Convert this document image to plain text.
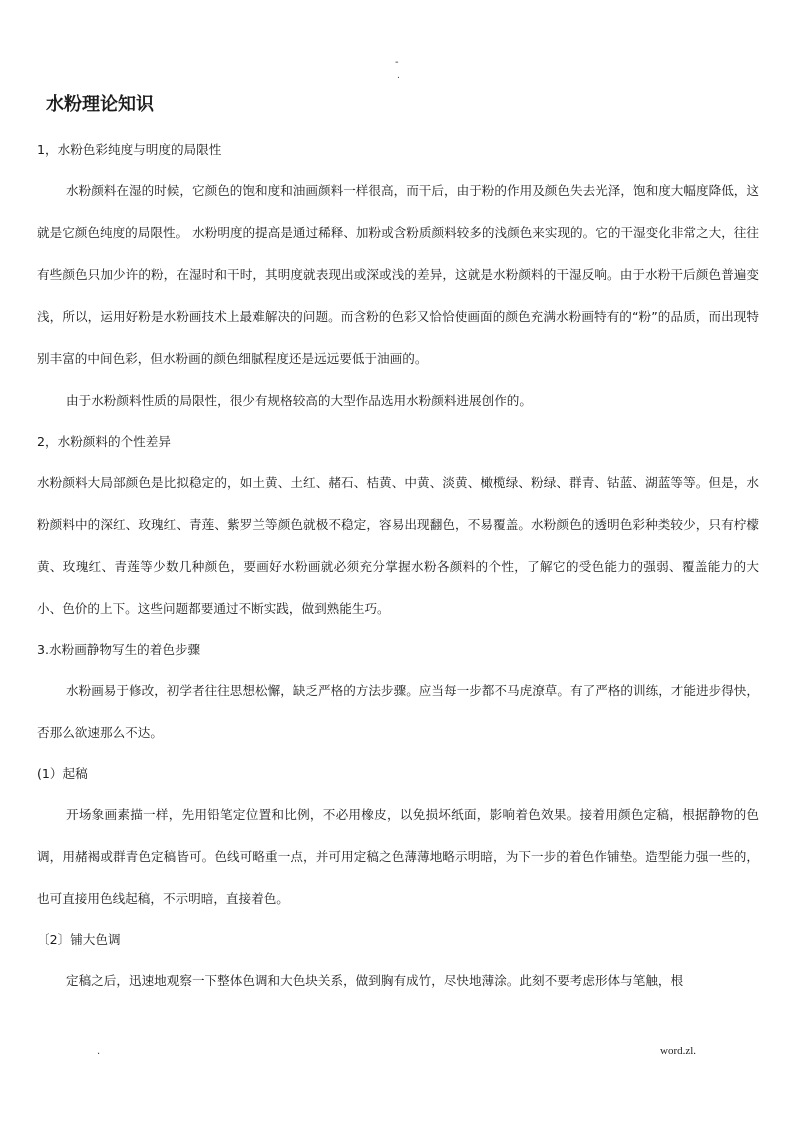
-
.
水粉理论知识

1，水粉色彩纯度与明度的局限性

水粉颜料在湿的时候，它颜色的饱和度和油画颜料一样很高，而干后，由于粉的作用及颜色失去光泽，饱和度大幅度降低，这就是它颜色纯度的局限性。 水粉明度的提高是通过稀释、加粉或含粉质颜料较多的浅颜色来实现的。它的干湿变化非常之大，往往有些颜色只加少许的粉，在湿时和干时，其明度就表现出或深或浅的差异，这就是水粉颜料的干湿反响。由于水粉干后颜色普遍变浅，所以，运用好粉是水粉画技术上最难解决的问题。而含粉的色彩又恰恰使画面的颜色充满水粉画特有的“粉”的品质，而出现特别丰富的中间色彩，但水粉画的颜色细腻程度还是远远要低于油画的。

由于水粉颜料性质的局限性，很少有规格较高的大型作品选用水粉颜料进展创作的。

2，水粉颜料的个性差异

水粉颜料大局部颜色是比拟稳定的，如土黄、土红、赭石、桔黄、中黄、淡黄、橄榄绿、粉绿、群青、钴蓝、湖蓝等等。但是，水粉颜料中的深红、玫瑰红、青莲、紫罗兰等颜色就极不稳定，容易出现翻色，不易覆盖。水粉颜色的透明色彩种类较少，只有柠檬黄、玫瑰红、青莲等少数几种颜色，要画好水粉画就必须充分掌握水粉各颜料的个性，了解它的受色能力的强弱、覆盖能力的大小、色价的上下。这些问题都要通过不断实践，做到熟能生巧。

3.水粉画静物写生的着色步骤

水粉画易于修改，初学者往往思想松懈，缺乏严格的方法步骤。应当每一步都不马虎潦草。有了严格的训练，才能进步得快，否那么欲速那么不达。

(1）起稿

开场象画素描一样，先用铅笔定位置和比例，不必用橡皮，以免损坏纸面，影响着色效果。接着用颜色定稿，根据静物的色调，用赭褐或群青色定稿皆可。色线可略重一点，并可用定稿之色薄薄地略示明暗，为下一步的着色作铺垫。造型能力强一些的，也可直接用色线起稿，不示明暗，直接着色。

〔2〕铺大色调

定稿之后，迅速地观察一下整体色调和大色块关系，做到胸有成竹，尽快地薄涂。此刻不要考虑形体与笔触，根

.	word.zl.
